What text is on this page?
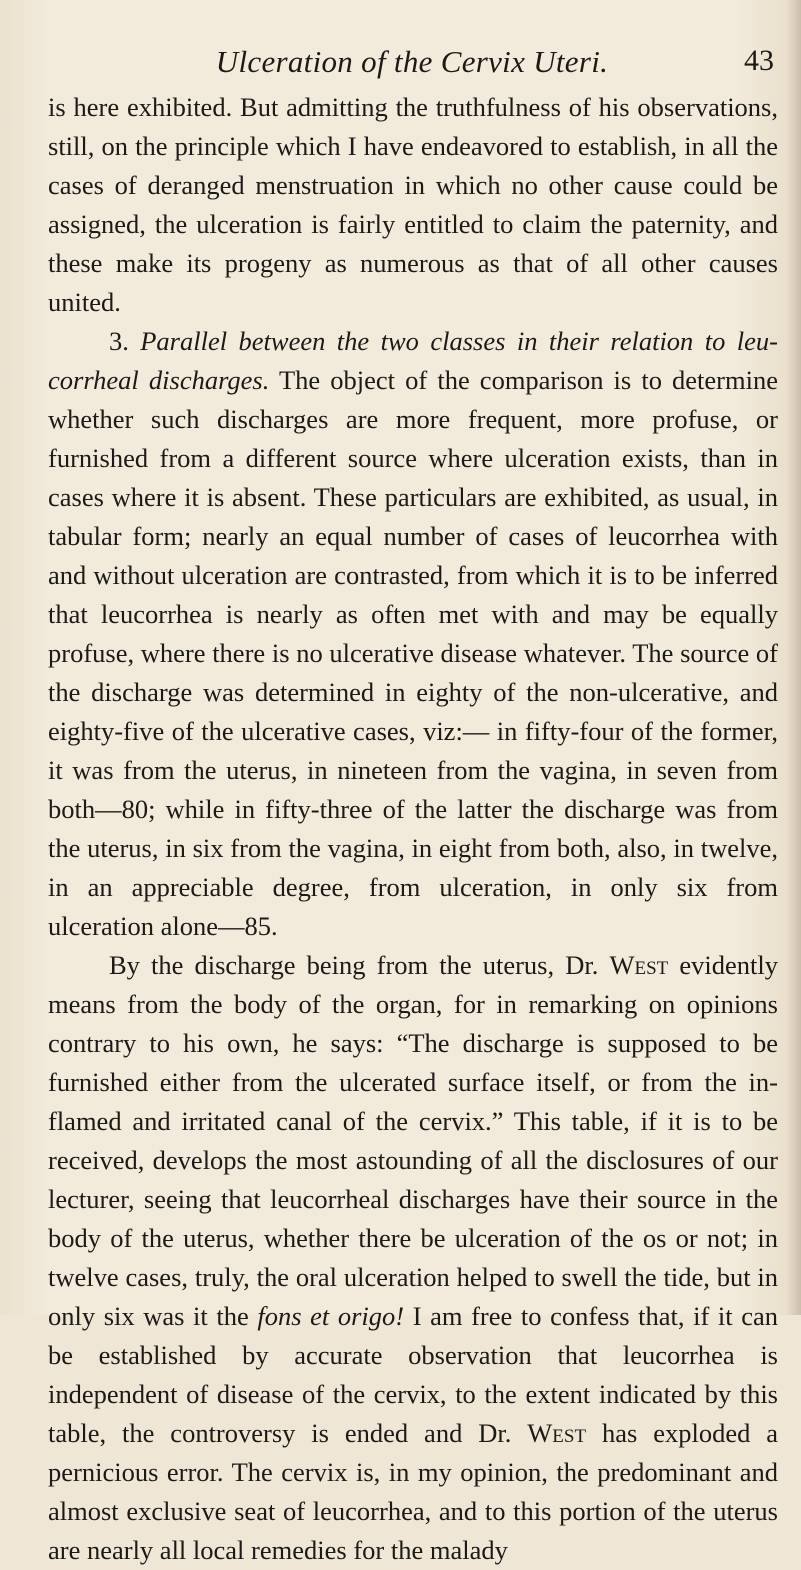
Ulceration of the Cervix Uteri.	43

is here exhibited. But admitting the truthfulness of his observations, still, on the principle which I have endeavored to establish, in all the cases of deranged menstruation in which no other cause could be assigned, the ulceration is fairly entitled to claim the paternity, and these make its progeny as numerous as that of all other causes united.

3. Parallel between the two classes in their relation to leucorrheal discharges. The object of the comparison is to determine whether such discharges are more frequent, more profuse, or furnished from a different source where ulceration exists, than in cases where it is absent. These particulars are exhibited, as usual, in tabular form; nearly an equal number of cases of leucorrhea with and without ulceration are contrasted, from which it is to be inferred that leucorrhea is nearly as often met with and may be equally profuse, where there is no ulcerative disease whatever. The source of the discharge was determined in eighty of the non-ulcerative, and eighty-five of the ulcerative cases, viz:— in fifty-four of the former, it was from the uterus, in nineteen from the vagina, in seven from both—80; while in fifty-three of the latter the discharge was from the uterus, in six from the vagina, in eight from both, also, in twelve, in an appreciable degree, from ulceration, in only six from ulceration alone—85.

By the discharge being from the uterus, Dr. West evidently means from the body of the organ, for in remarking on opinions contrary to his own, he says: “The discharge is supposed to be furnished either from the ulcerated surface itself, or from the inflamed and irritated canal of the cervix.” This table, if it is to be received, develops the most astounding of all the disclosures of our lecturer, seeing that leucorrheal discharges have their source in the body of the uterus, whether there be ulceration of the os or not; in twelve cases, truly, the oral ulceration helped to swell the tide, but in only six was it the fons et origo! I am free to confess that, if it can be established by accurate observation that leucorrhea is independent of disease of the cervix, to the extent indicated by this table, the controversy is ended and Dr. West has exploded a pernicious error. The cervix is, in my opinion, the predominant and almost exclusive seat of leucorrhea, and to this portion of the uterus are nearly all local remedies for the malady
